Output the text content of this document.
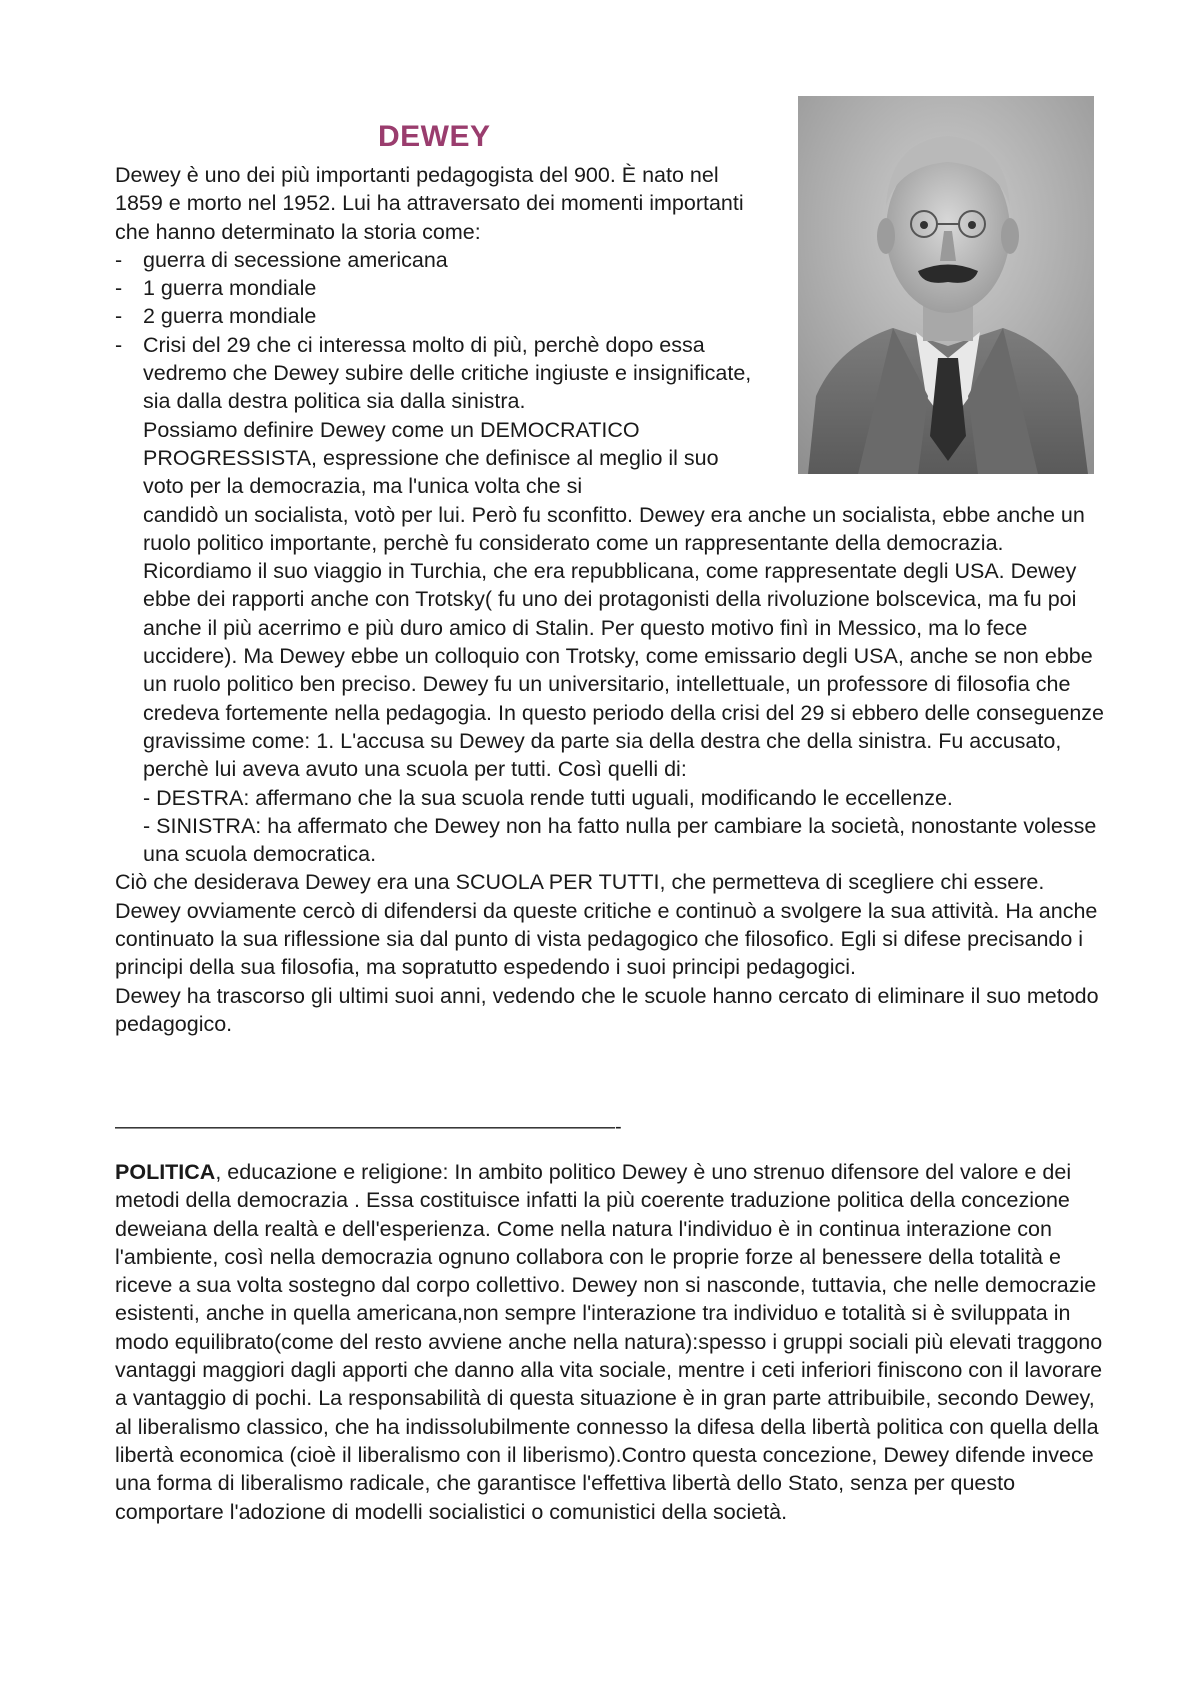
DEWEY

Dewey è uno dei più importanti pedagogista del 900. È nato nel 1859 e morto nel 1952. Lui ha attraversato dei momenti importanti che hanno determinato la storia come:

- guerra di secessione americana
- 1 guerra mondiale
- 2 guerra mondiale
- Crisi del 29 che ci interessa molto di più, perchè dopo essa vedremo che Dewey subire delle critiche ingiuste e insignificate, sia dalla destra politica sia dalla sinistra.

Possiamo definire Dewey come un DEMOCRATICO PROGRESSISTA, espressione che definisce al meglio il suo voto per la democrazia, ma l'unica volta che si

candidò un socialista, votò per lui. Però fu sconfitto. Dewey era anche un socialista, ebbe anche un ruolo politico importante, perchè fu considerato come un rappresentante della democrazia. Ricordiamo il suo viaggio in Turchia, che era repubblicana, come rappresentate degli USA. Dewey ebbe dei rapporti anche con Trotsky( fu uno dei protagonisti della rivoluzione bolscevica, ma fu poi anche il più acerrimo e più duro amico di Stalin. Per questo motivo finì in Messico, ma lo fece uccidere). Ma Dewey ebbe un colloquio con Trotsky, come emissario degli USA, anche se non ebbe un ruolo politico ben preciso. Dewey fu un universitario, intellettuale, un professore di filosofia che credeva fortemente nella pedagogia. In questo periodo della crisi del 29 si ebbero delle conseguenze gravissime come: 1. L'accusa su Dewey da parte sia della destra che della sinistra. Fu accusato, perchè lui aveva avuto una scuola per tutti. Così quelli di:

- DESTRA: affermano che la sua scuola rende tutti uguali, modificando le eccellenze.

- SINISTRA: ha affermato che Dewey non ha fatto nulla per cambiare la società, nonostante volesse una scuola democratica.

Ciò che desiderava Dewey era una SCUOLA PER TUTTI, che permetteva di scegliere chi essere. Dewey ovviamente cercò di difendersi da queste critiche e continuò a svolgere la sua attività. Ha anche continuato la sua riflessione sia dal punto di vista pedagogico che filosofico. Egli si difese precisando i principi della sua filosofia, ma sopratutto espedendo i suoi principi pedagogici.

Dewey ha trascorso gli ultimi suoi anni, vedendo che le scuole hanno cercato di eliminare il suo metodo pedagogico.

—————————————————————————-

POLITICA, educazione e religione: In ambito politico Dewey è uno strenuo difensore del valore e dei metodi della democrazia . Essa costituisce infatti la più coerente traduzione politica della concezione deweiana della realtà e dell'esperienza. Come nella natura l'individuo è in continua interazione con l'ambiente, così nella democrazia ognuno collabora con le proprie forze al benessere della totalità e riceve a sua volta sostegno dal corpo collettivo. Dewey non si nasconde, tuttavia, che nelle democrazie esistenti, anche in quella americana,non sempre l'interazione tra individuo e totalità si è sviluppata in modo equilibrato(come del resto avviene anche nella natura):spesso i gruppi sociali più elevati traggono vantaggi maggiori dagli apporti che danno alla vita sociale, mentre i ceti inferiori finiscono con il lavorare a vantaggio di pochi. La responsabilità di questa situazione è in gran parte attribuibile, secondo Dewey, al liberalismo classico, che ha indissolubilmente connesso la difesa della libertà politica con quella della libertà economica (cioè il liberalismo con il liberismo).Contro questa concezione, Dewey difende invece una forma di liberalismo radicale, che garantisce l'effettiva libertà dello Stato, senza per questo comportare l'adozione di modelli socialistici o comunistici della società.
